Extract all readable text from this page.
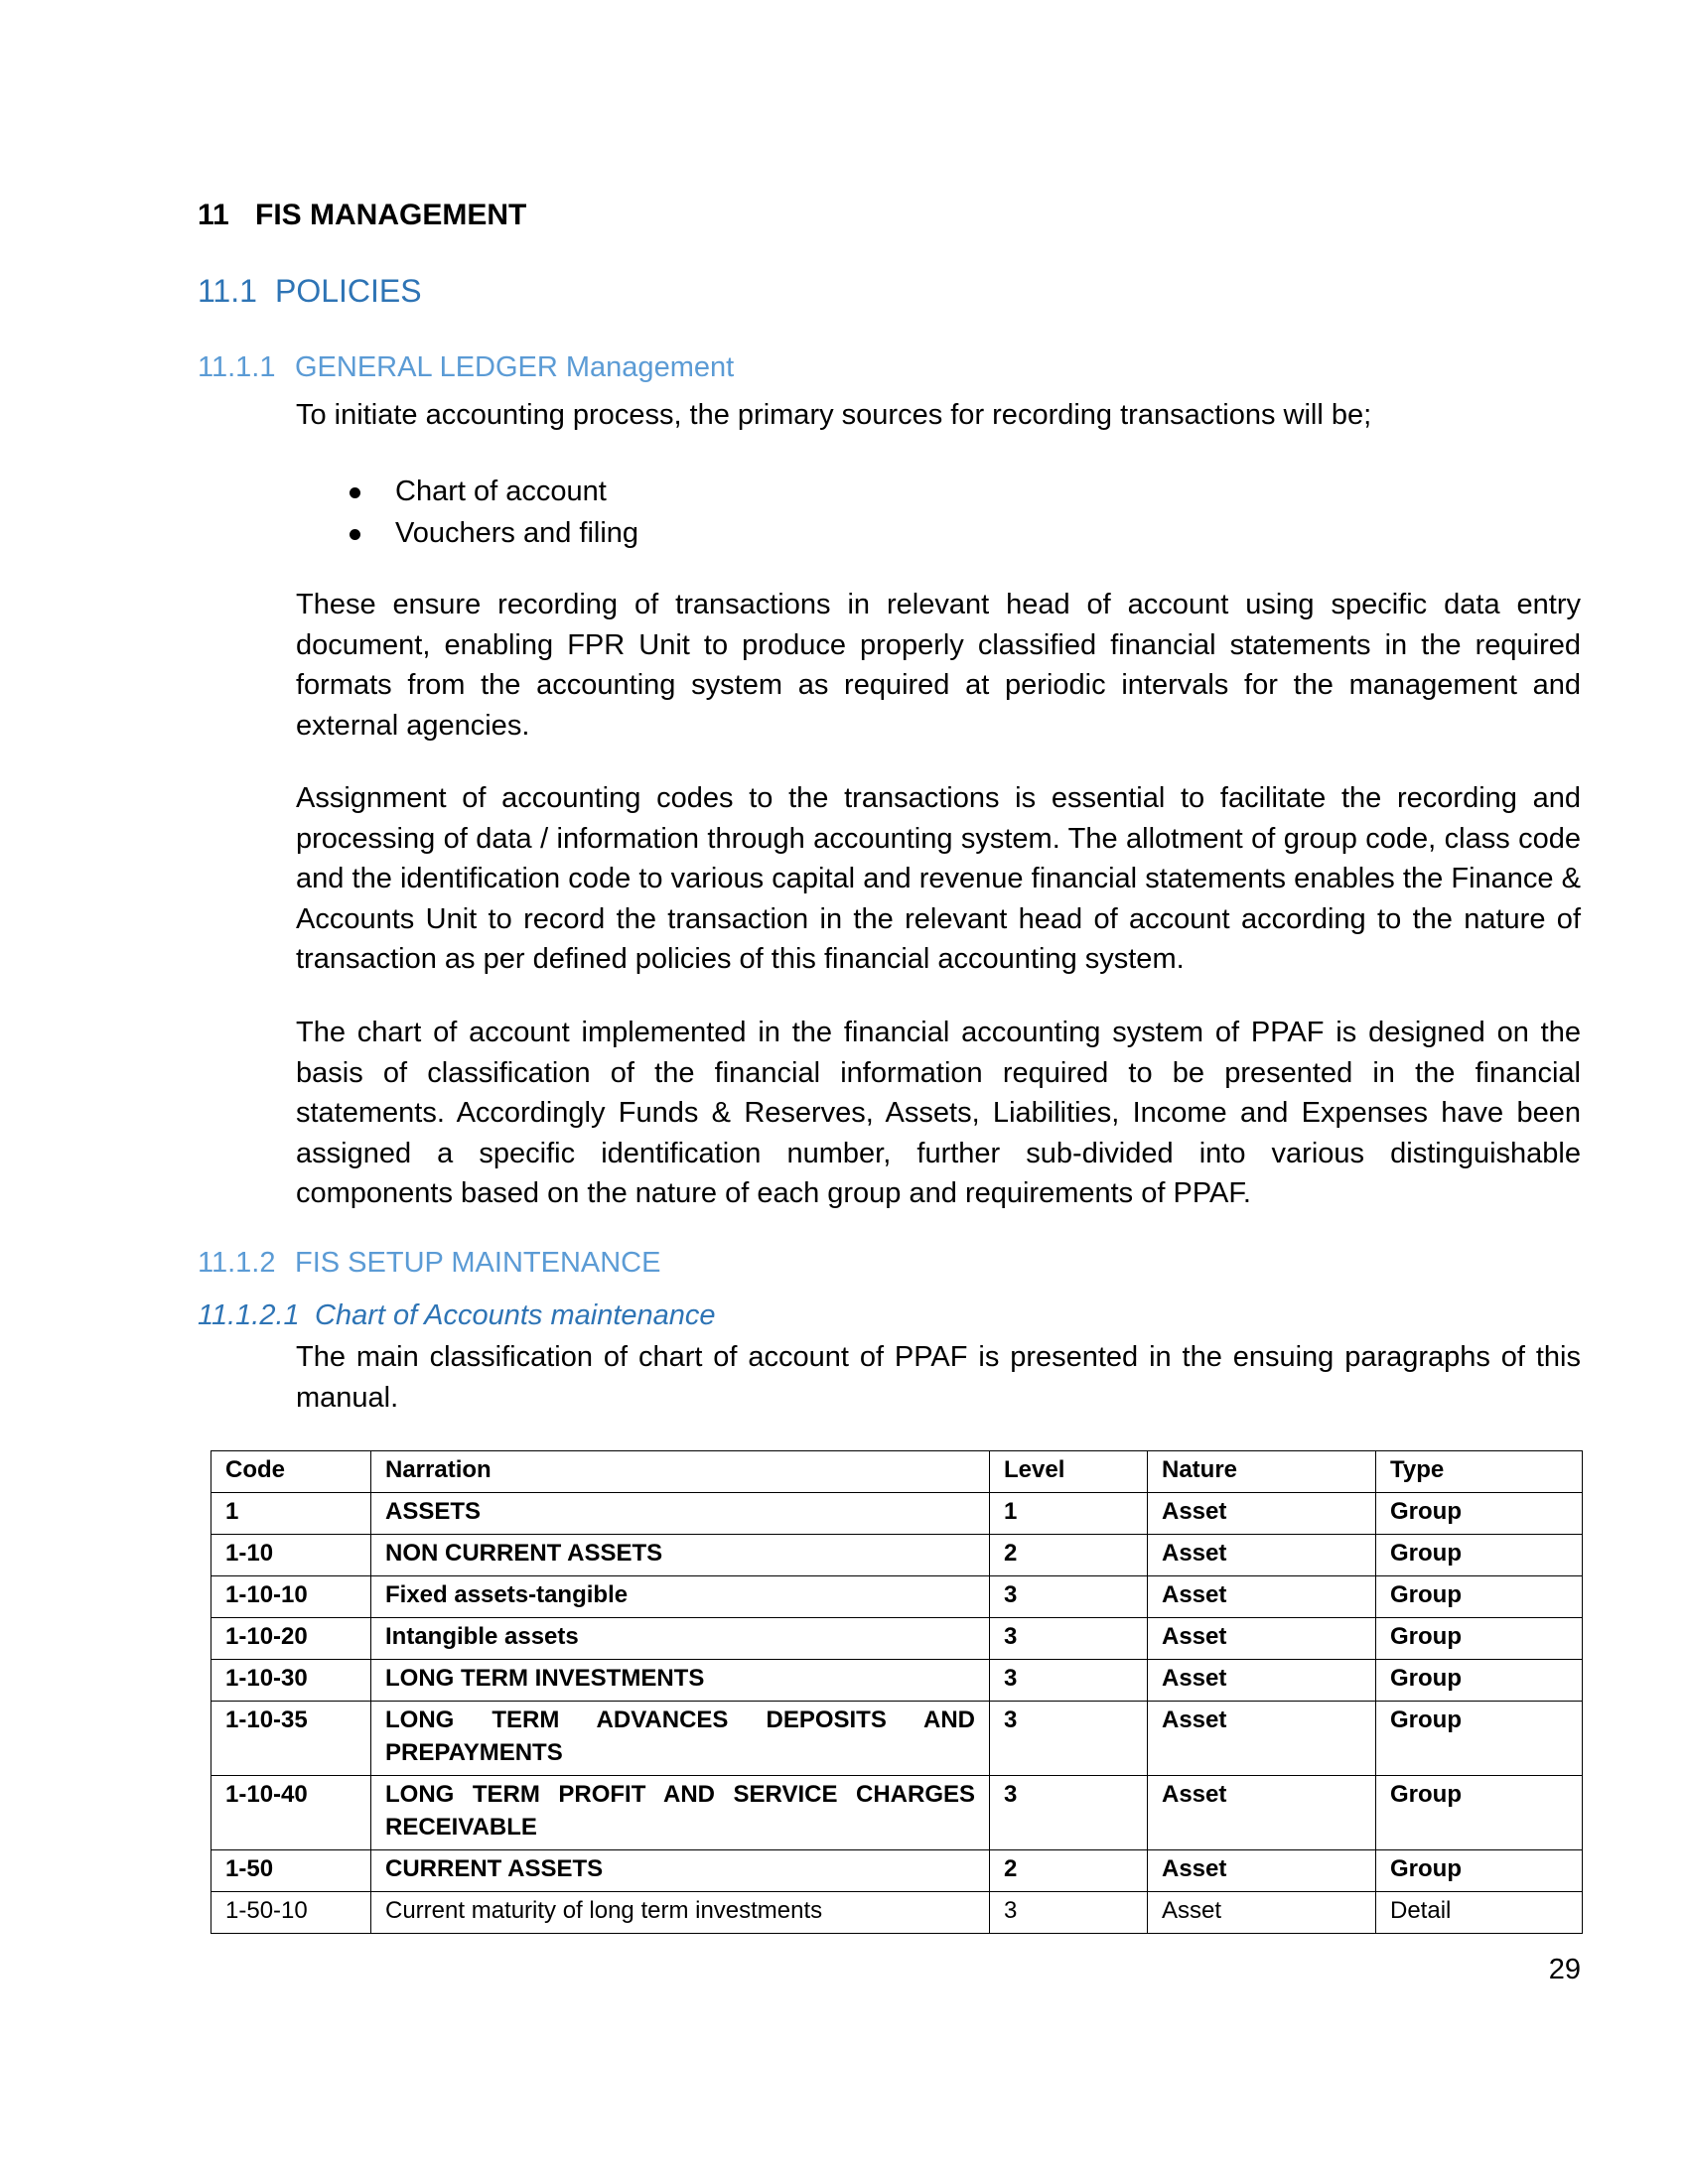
11 FIS MANAGEMENT
11.1 POLICIES
11.1.1 GENERAL LEDGER Management

To initiate accounting process, the primary sources for recording transactions will be;

Chart of account
Vouchers and filing

These ensure recording of transactions in relevant head of account using specific data entry document, enabling FPR Unit to produce properly classified financial statements in the required formats from the accounting system as required at periodic intervals for the management and external agencies.

Assignment of accounting codes to the transactions is essential to facilitate the recording and processing of data / information through accounting system. The allotment of group code, class code and the identification code to various capital and revenue financial statements enables the Finance & Accounts Unit to record the transaction in the relevant head of account according to the nature of transaction as per defined policies of this financial accounting system.

The chart of account implemented in the financial accounting system of PPAF is designed on the basis of classification of the financial information required to be presented in the financial statements. Accordingly Funds & Reserves, Assets, Liabilities, Income and Expenses have been assigned a specific identification number, further sub-divided into various distinguishable components based on the nature of each group and requirements of PPAF.

11.1.2 FIS SETUP MAINTENANCE
11.1.2.1 Chart of Accounts maintenance

The main classification of chart of account of PPAF is presented in the ensuing paragraphs of this manual.

Code	Narration	Level	Nature	Type
1	ASSETS	1	Asset	Group
1-10	NON CURRENT ASSETS	2	Asset	Group
1-10-10	Fixed assets-tangible	3	Asset	Group
1-10-20	Intangible assets	3	Asset	Group
1-10-30	LONG TERM INVESTMENTS	3	Asset	Group
1-10-35	LONG TERM ADVANCES DEPOSITS AND PREPAYMENTS	3	Asset	Group
1-10-40	LONG TERM PROFIT AND SERVICE CHARGES RECEIVABLE	3	Asset	Group
1-50	CURRENT ASSETS	2	Asset	Group
1-50-10	Current maturity of long term investments	3	Asset	Detail
29
